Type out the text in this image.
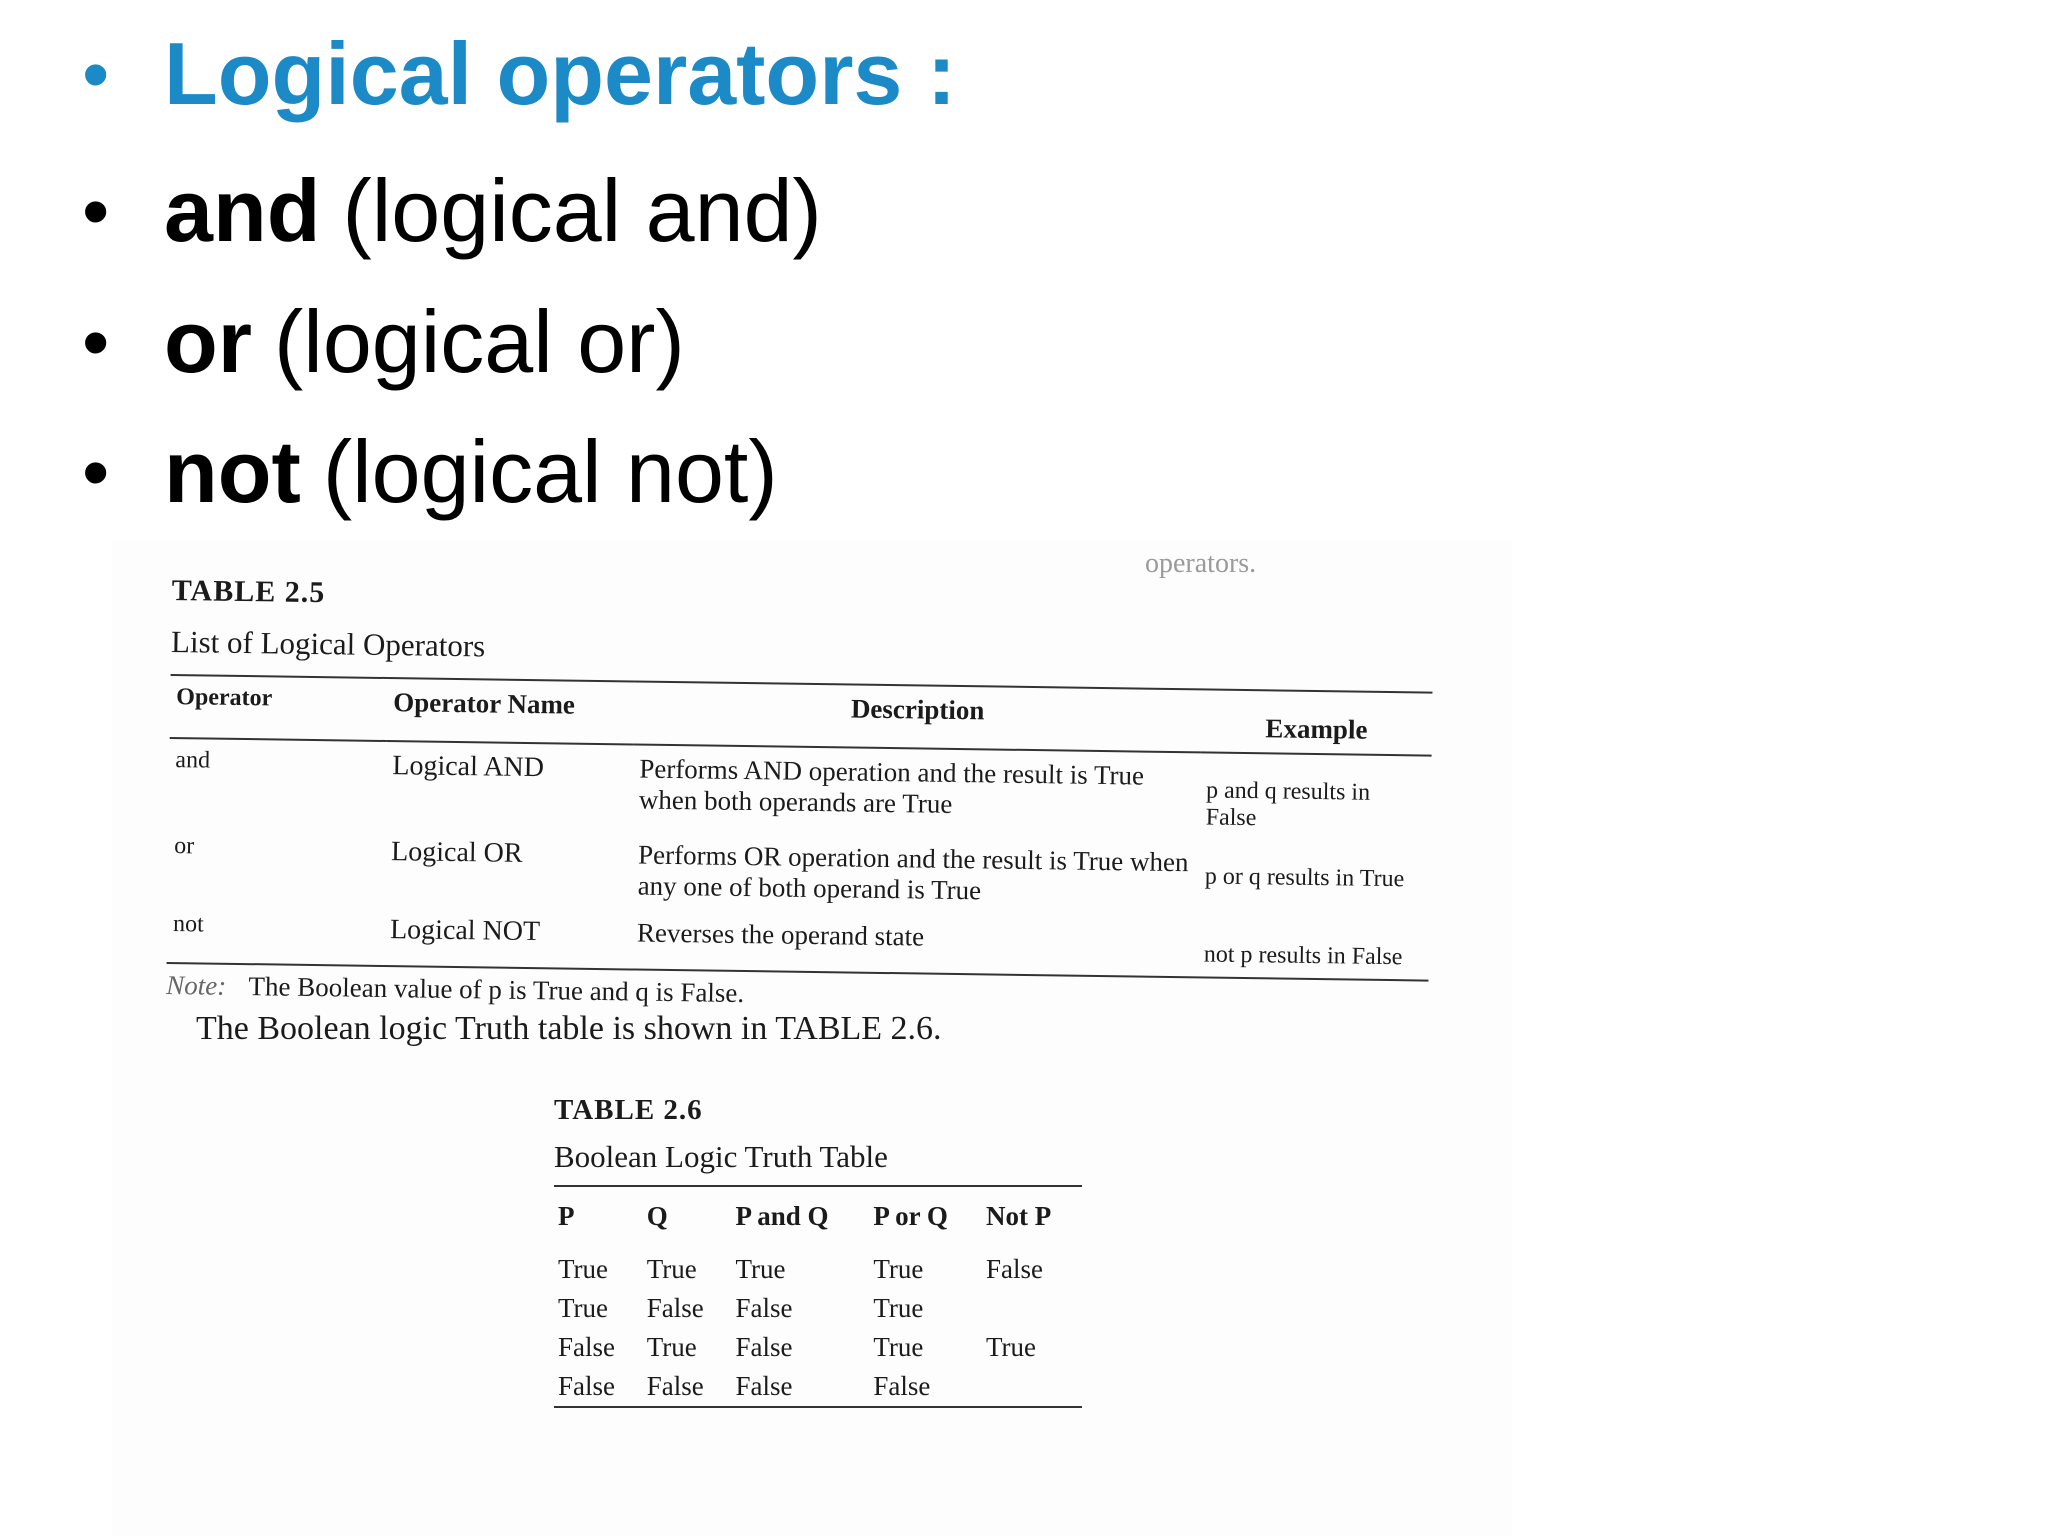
• Logical operators :
• and (logical and)
• or (logical or)
• not (logical not)
operators.
TABLE 2.5
List of Logical Operators
Operator	Operator Name	Description	Example
and	Logical AND	Performs AND operation and the result is True when both operands are True	p and q results in False
or	Logical OR	Performs OR operation and the result is True when any one of both operand is True	p or q results in True
not	Logical NOT	Reverses the operand state	not p results in False
Note: The Boolean value of p is True and q is False.
The Boolean logic Truth table is shown in TABLE 2.6.
TABLE 2.6
Boolean Logic Truth Table
P	Q	P and Q	P or Q	Not P
True	True	True	True	False
True	False	False	True	
False	True	False	True	True
False	False	False	False	
